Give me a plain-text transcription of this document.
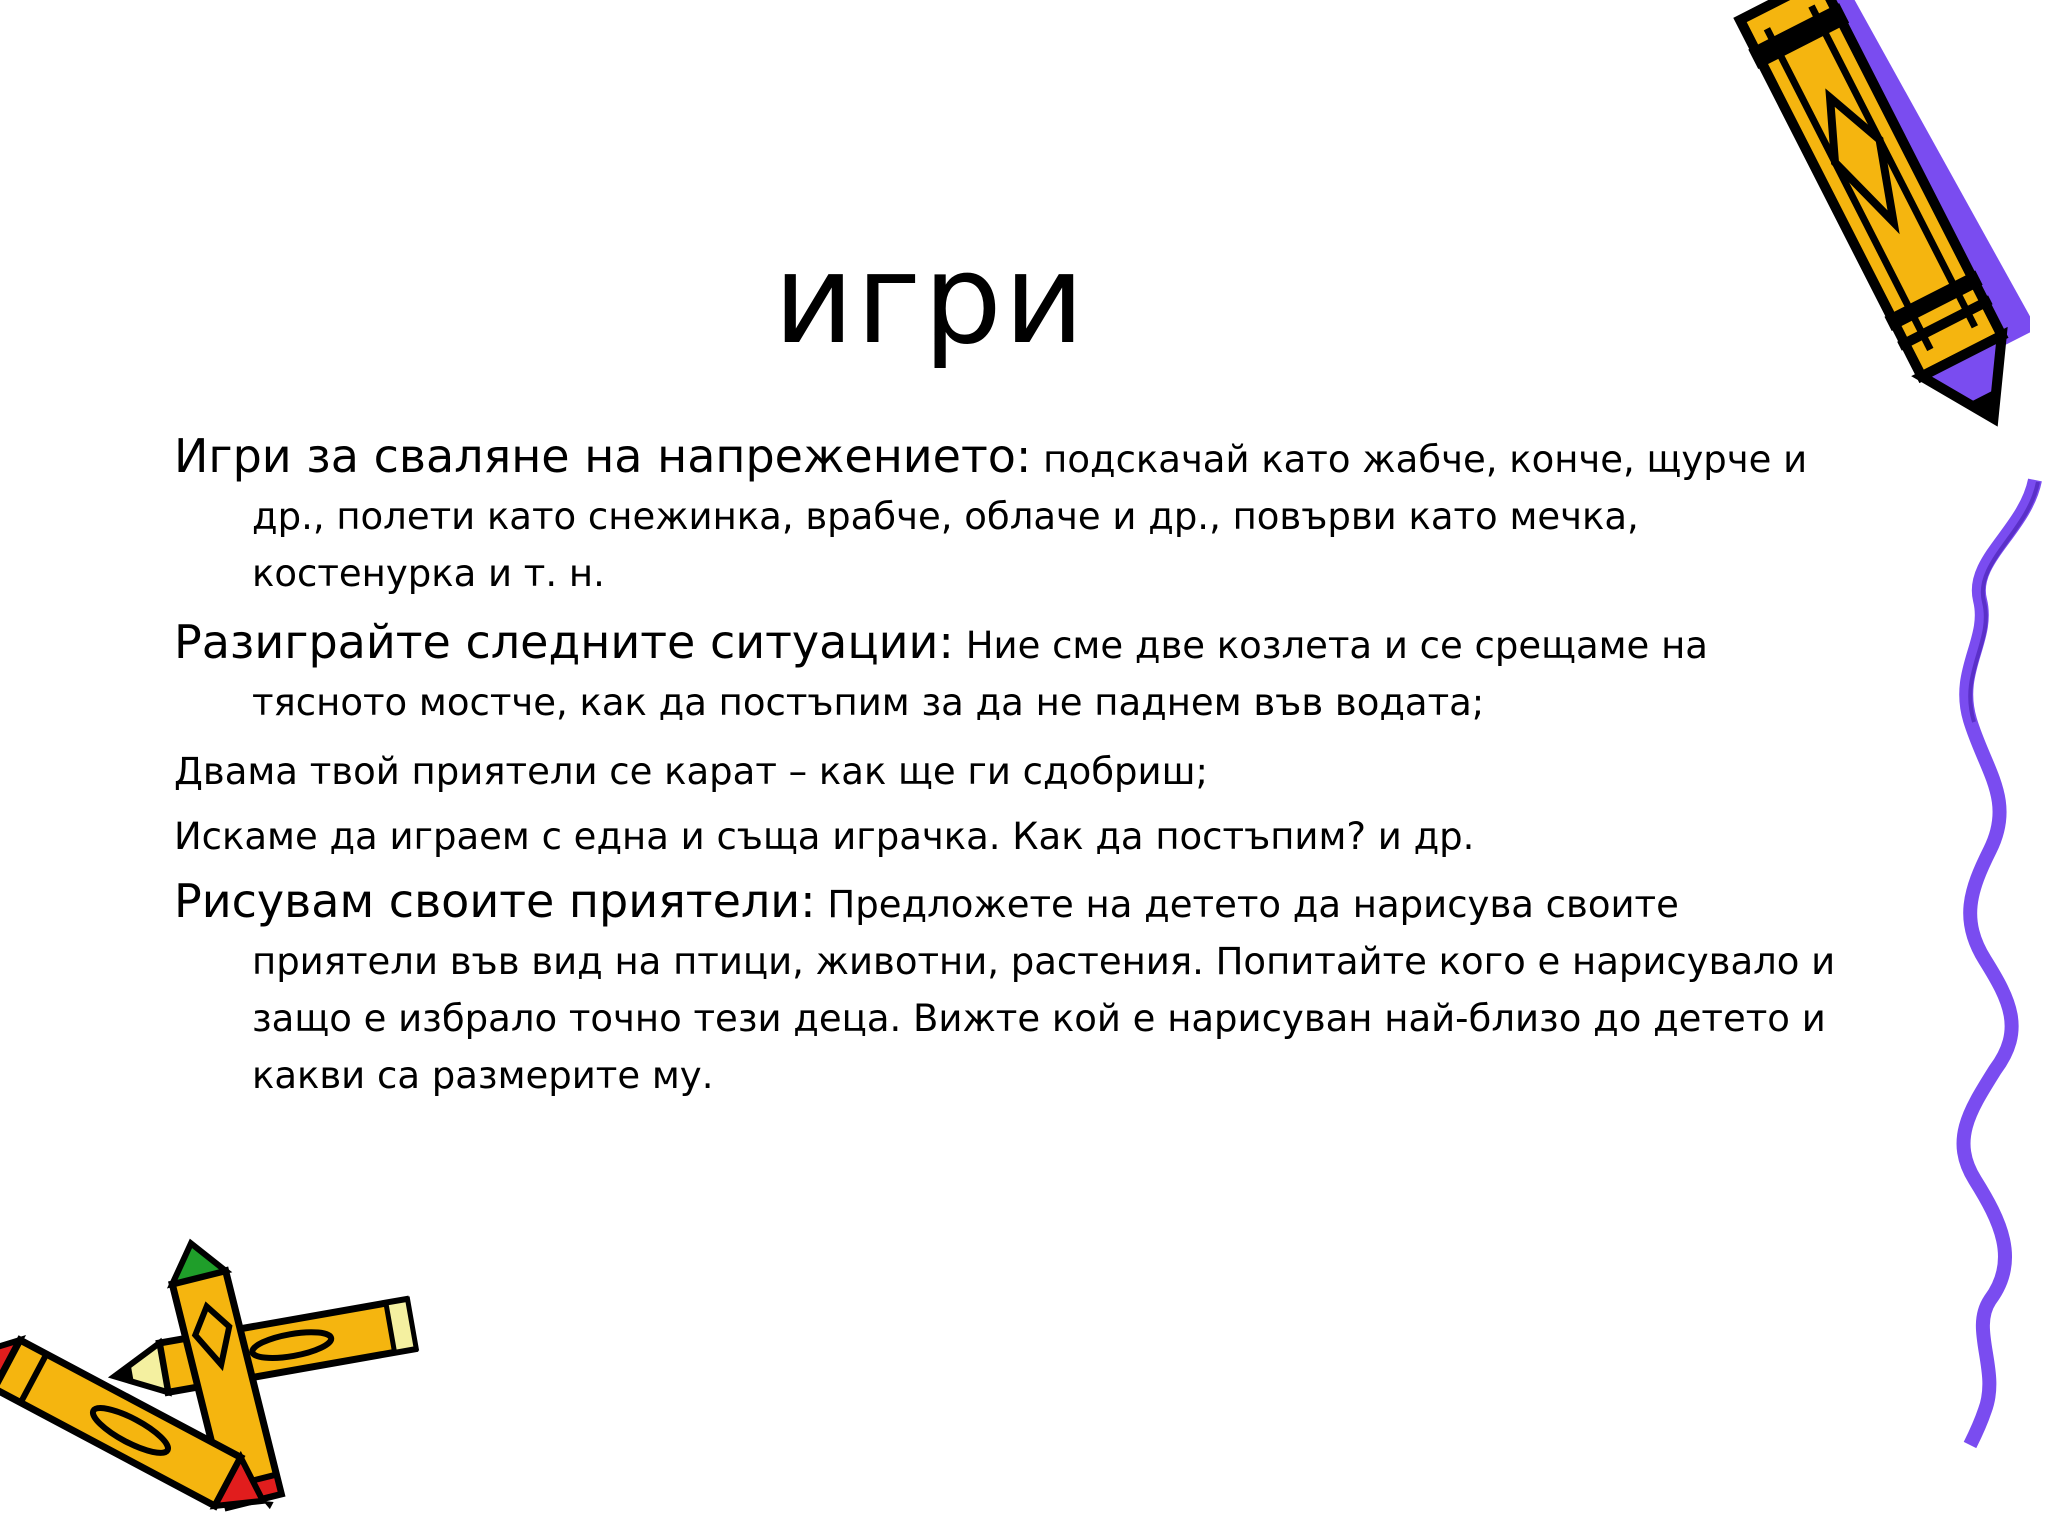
игри

Игри за сваляне на напрежението: подскачай като жабче, конче, щурче и др., полети като снежинка, врабче, облаче и др., повърви като мечка, костенурка и т. н.

Разиграйте следните ситуации: Ние сме две козлета и се срещаме на тясното мостче, как да постъпим за да не паднем във водата;

Двама твой приятели се карат – как ще ги сдобриш;

Искаме да играем с една и съща играчка. Как да постъпим? и др.

Рисувам своите приятели: Предложете на детето да нарисува своите приятели във вид на птици, животни, растения. Попитайте кого е нарисувало и защо е избрало точно тези деца. Вижте кой е нарисуван най-близо до детето и какви са размерите му.
